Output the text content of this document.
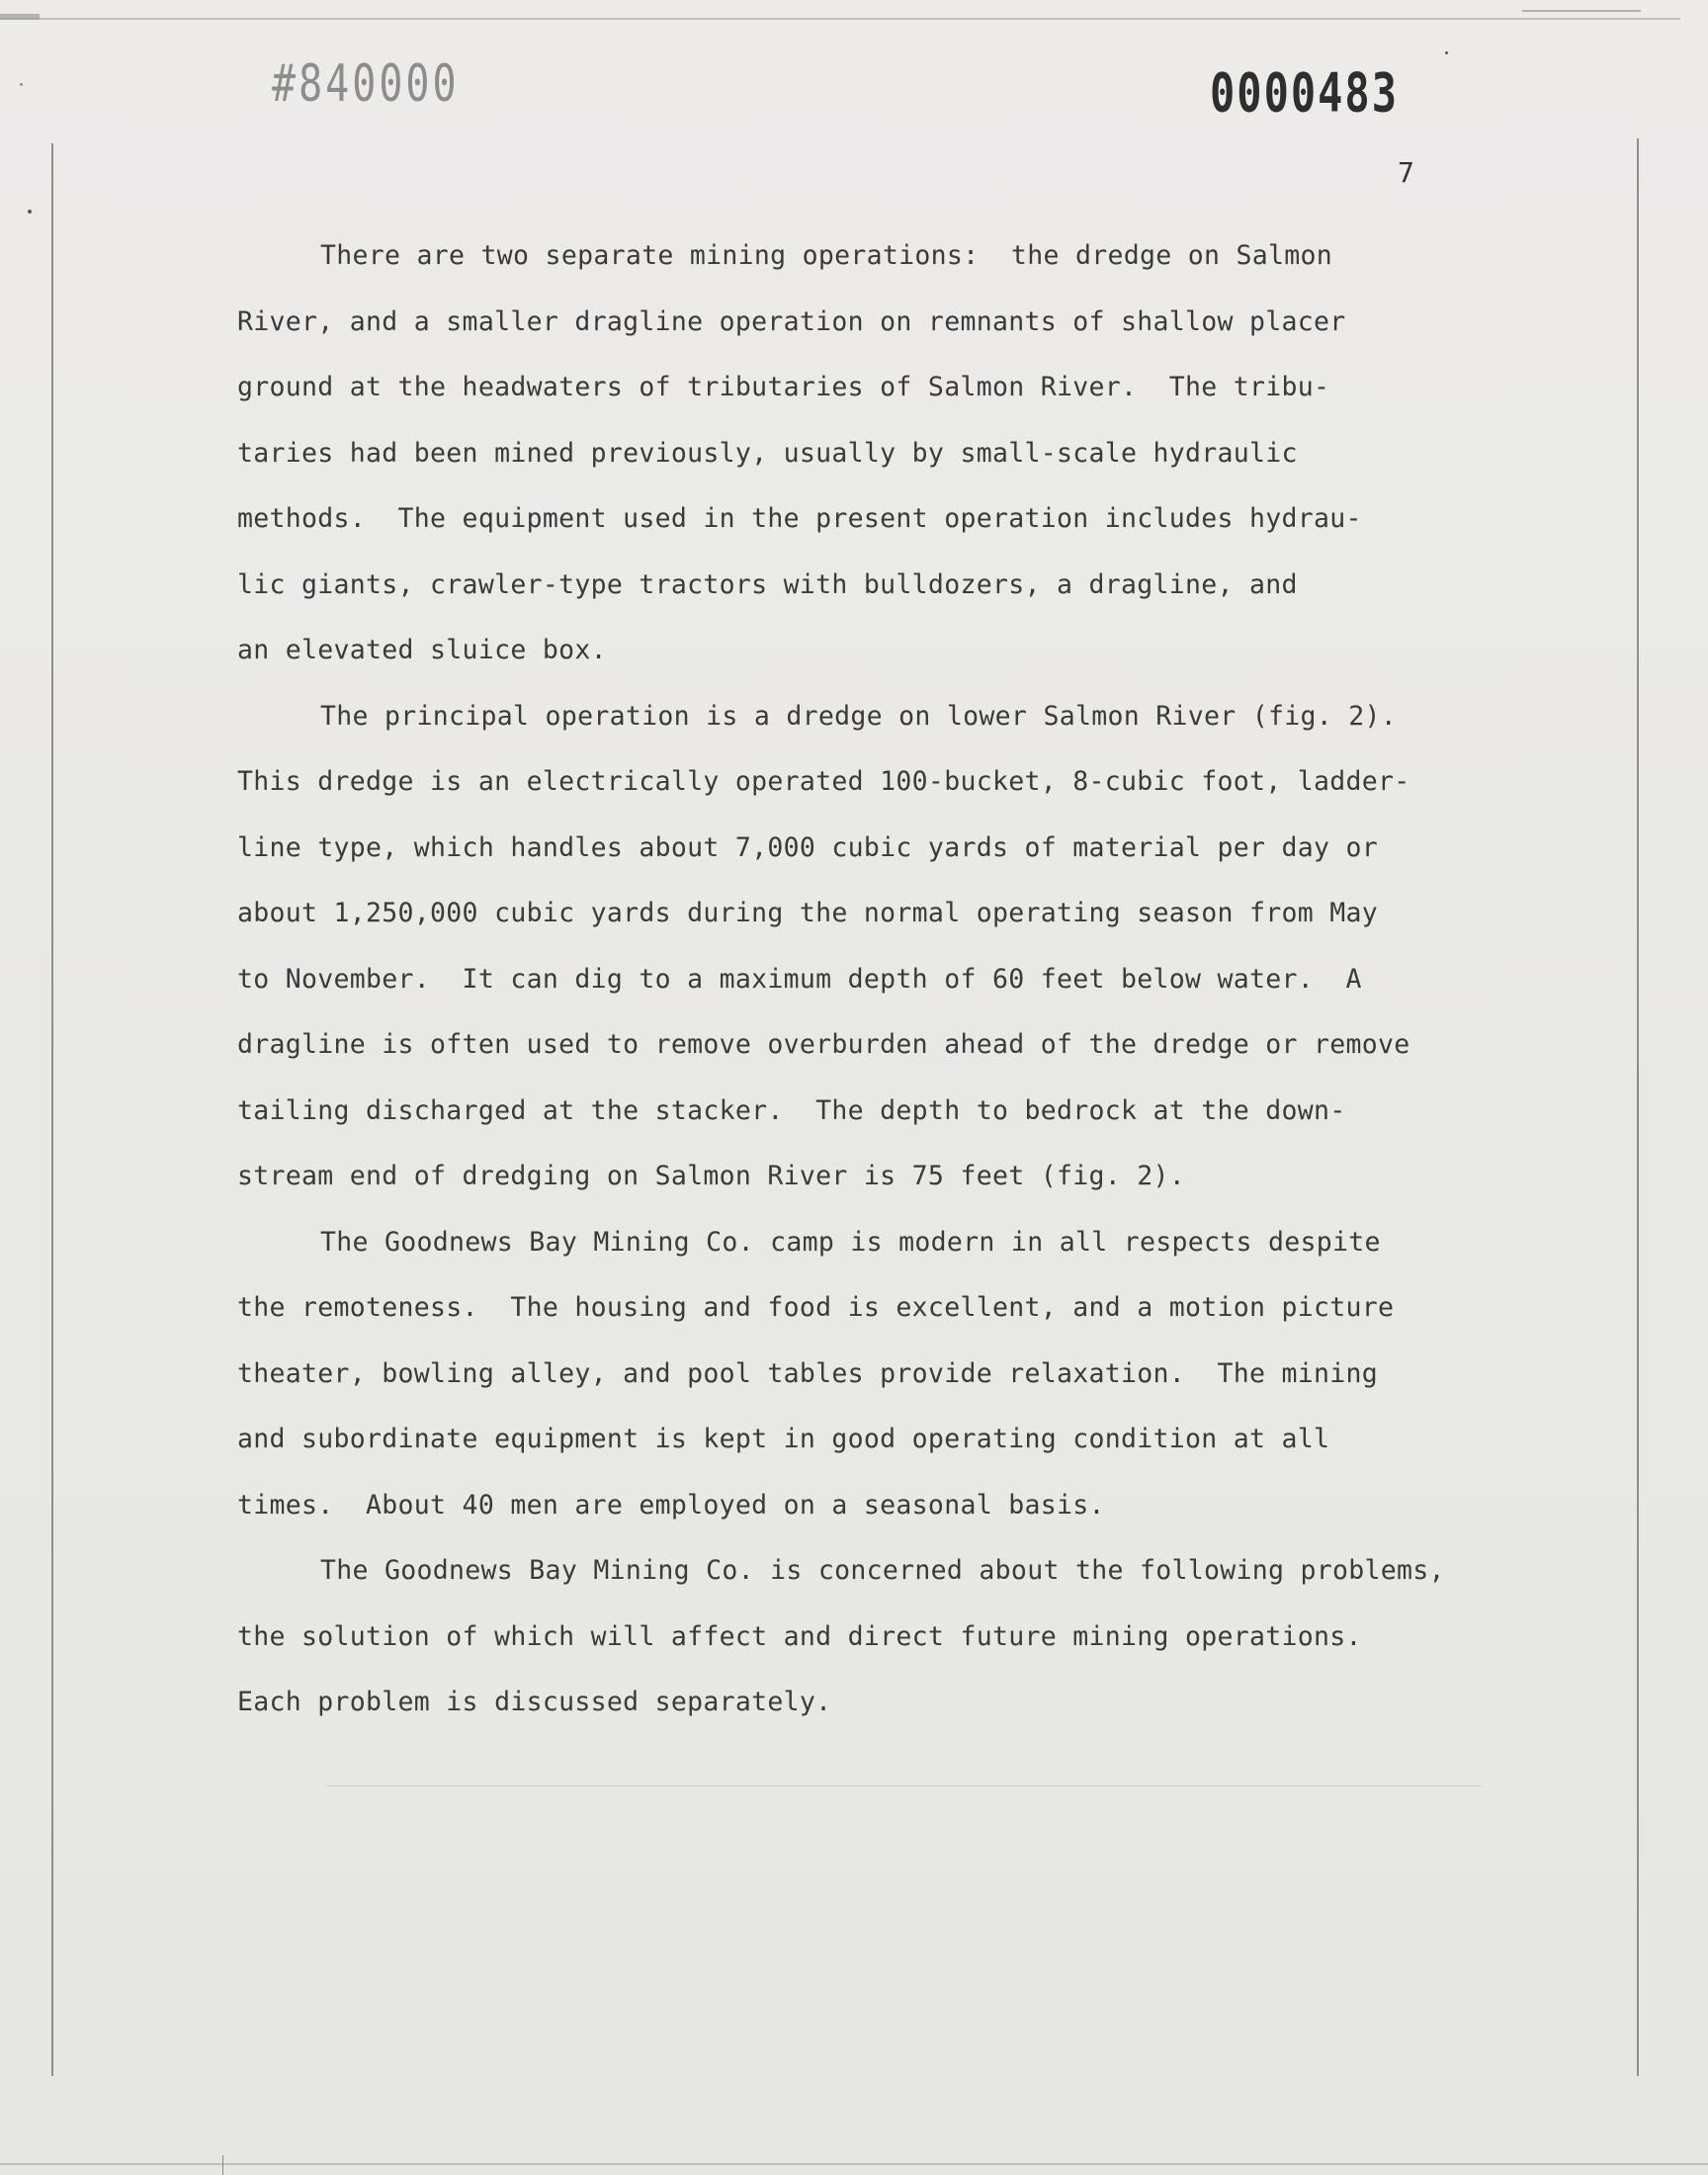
#840000	0000483
7
There are two separate mining operations:  the dredge on Salmon
River, and a smaller dragline operation on remnants of shallow placer
ground at the headwaters of tributaries of Salmon River.  The tribu-
taries had been mined previously, usually by small-scale hydraulic
methods.  The equipment used in the present operation includes hydrau-
lic giants, crawler-type tractors with bulldozers, a dragline, and
an elevated sluice box.
The principal operation is a dredge on lower Salmon River (fig. 2).
This dredge is an electrically operated 100-bucket, 8-cubic foot, ladder-
line type, which handles about 7,000 cubic yards of material per day or
about 1,250,000 cubic yards during the normal operating season from May
to November.  It can dig to a maximum depth of 60 feet below water.  A
dragline is often used to remove overburden ahead of the dredge or remove
tailing discharged at the stacker.  The depth to bedrock at the down-
stream end of dredging on Salmon River is 75 feet (fig. 2).
The Goodnews Bay Mining Co. camp is modern in all respects despite
the remoteness.  The housing and food is excellent, and a motion picture
theater, bowling alley, and pool tables provide relaxation.  The mining
and subordinate equipment is kept in good operating condition at all
times.  About 40 men are employed on a seasonal basis.
The Goodnews Bay Mining Co. is concerned about the following problems,
the solution of which will affect and direct future mining operations.
Each problem is discussed separately.
